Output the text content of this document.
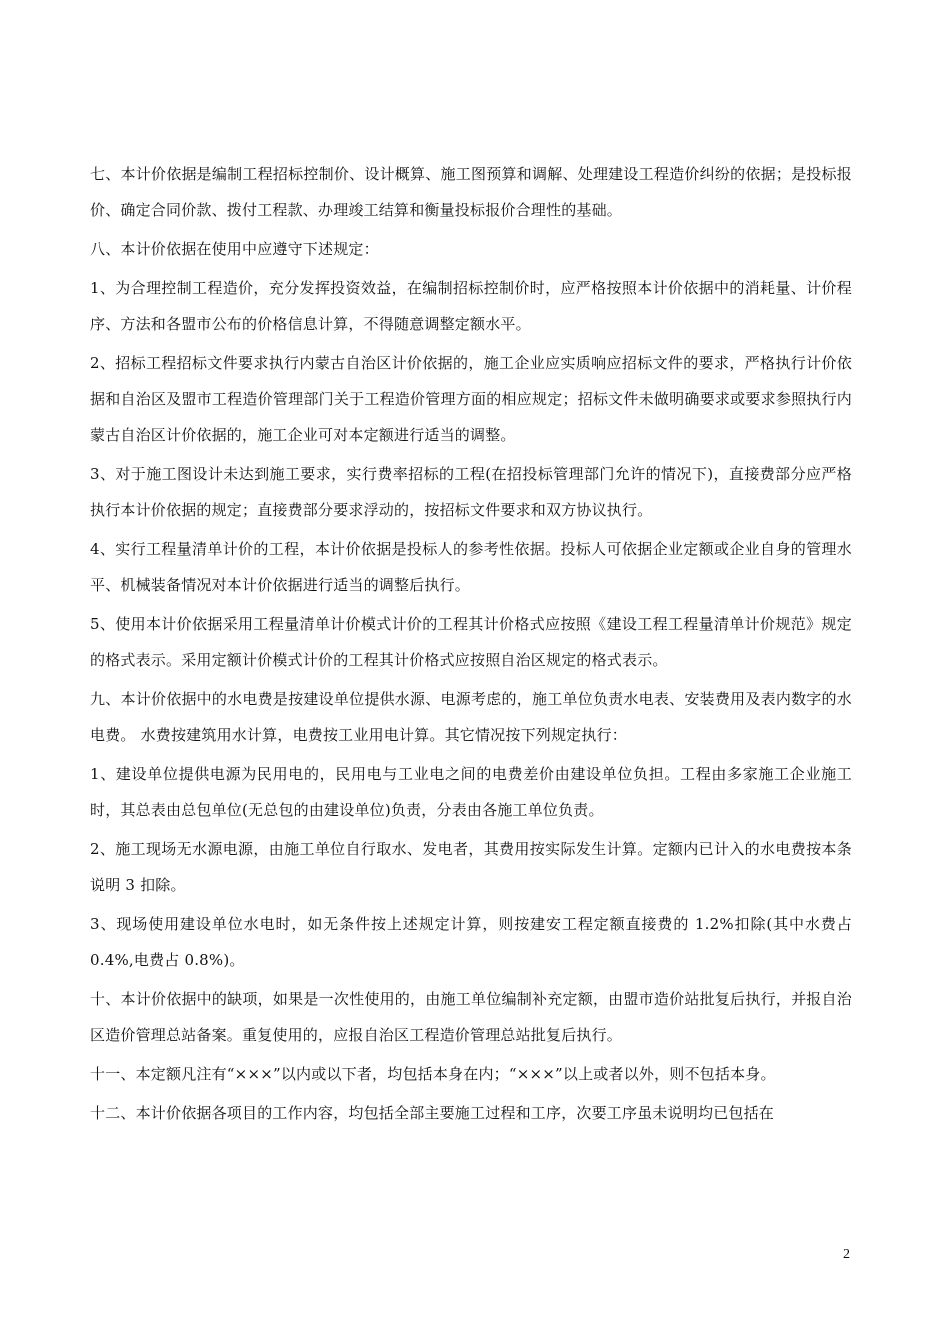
七、本计价依据是编制工程招标控制价、设计概算、施工图预算和调解、处理建设工程造价纠纷的依据；是投标报价、确定合同价款、拨付工程款、办理竣工结算和衡量投标报价合理性的基础。

八、本计价依据在使用中应遵守下述规定：

1、为合理控制工程造价，充分发挥投资效益，在编制招标控制价时，应严格按照本计价依据中的消耗量、计价程序、方法和各盟市公布的价格信息计算，不得随意调整定额水平。

2、招标工程招标文件要求执行内蒙古自治区计价依据的，施工企业应实质响应招标文件的要求，严格执行计价依据和自治区及盟市工程造价管理部门关于工程造价管理方面的相应规定；招标文件未做明确要求或要求参照执行内蒙古自治区计价依据的，施工企业可对本定额进行适当的调整。

3、对于施工图设计未达到施工要求，实行费率招标的工程(在招投标管理部门允许的情况下)，直接费部分应严格执行本计价依据的规定；直接费部分要求浮动的，按招标文件要求和双方协议执行。

4、实行工程量清单计价的工程，本计价依据是投标人的参考性依据。投标人可依据企业定额或企业自身的管理水平、机械装备情况对本计价依据进行适当的调整后执行。

5、使用本计价依据采用工程量清单计价模式计价的工程其计价格式应按照《建设工程工程量清单计价规范》规定的格式表示。采用定额计价模式计价的工程其计价格式应按照自治区规定的格式表示。

九、本计价依据中的水电费是按建设单位提供水源、电源考虑的，施工单位负责水电表、安装费用及表内数字的水电费。 水费按建筑用水计算，电费按工业用电计算。其它情况按下列规定执行：

1、建设单位提供电源为民用电的，民用电与工业电之间的电费差价由建设单位负担。工程由多家施工企业施工时，其总表由总包单位(无总包的由建设单位)负责，分表由各施工单位负责。

2、施工现场无水源电源，由施工单位自行取水、发电者，其费用按实际发生计算。定额内已计入的水电费按本条说明 3 扣除。

3、现场使用建设单位水电时，如无条件按上述规定计算，则按建安工程定额直接费的 1.2%扣除(其中水费占 0.4%,电费占 0.8%)。

十、本计价依据中的缺项，如果是一次性使用的，由施工单位编制补充定额，由盟市造价站批复后执行，并报自治区造价管理总站备案。重复使用的，应报自治区工程造价管理总站批复后执行。

十一、本定额凡注有“×××”以内或以下者，均包括本身在内；“×××”以上或者以外，则不包括本身。

十二、本计价依据各项目的工作内容，均包括全部主要施工过程和工序，次要工序虽未说明均已包括在

2
